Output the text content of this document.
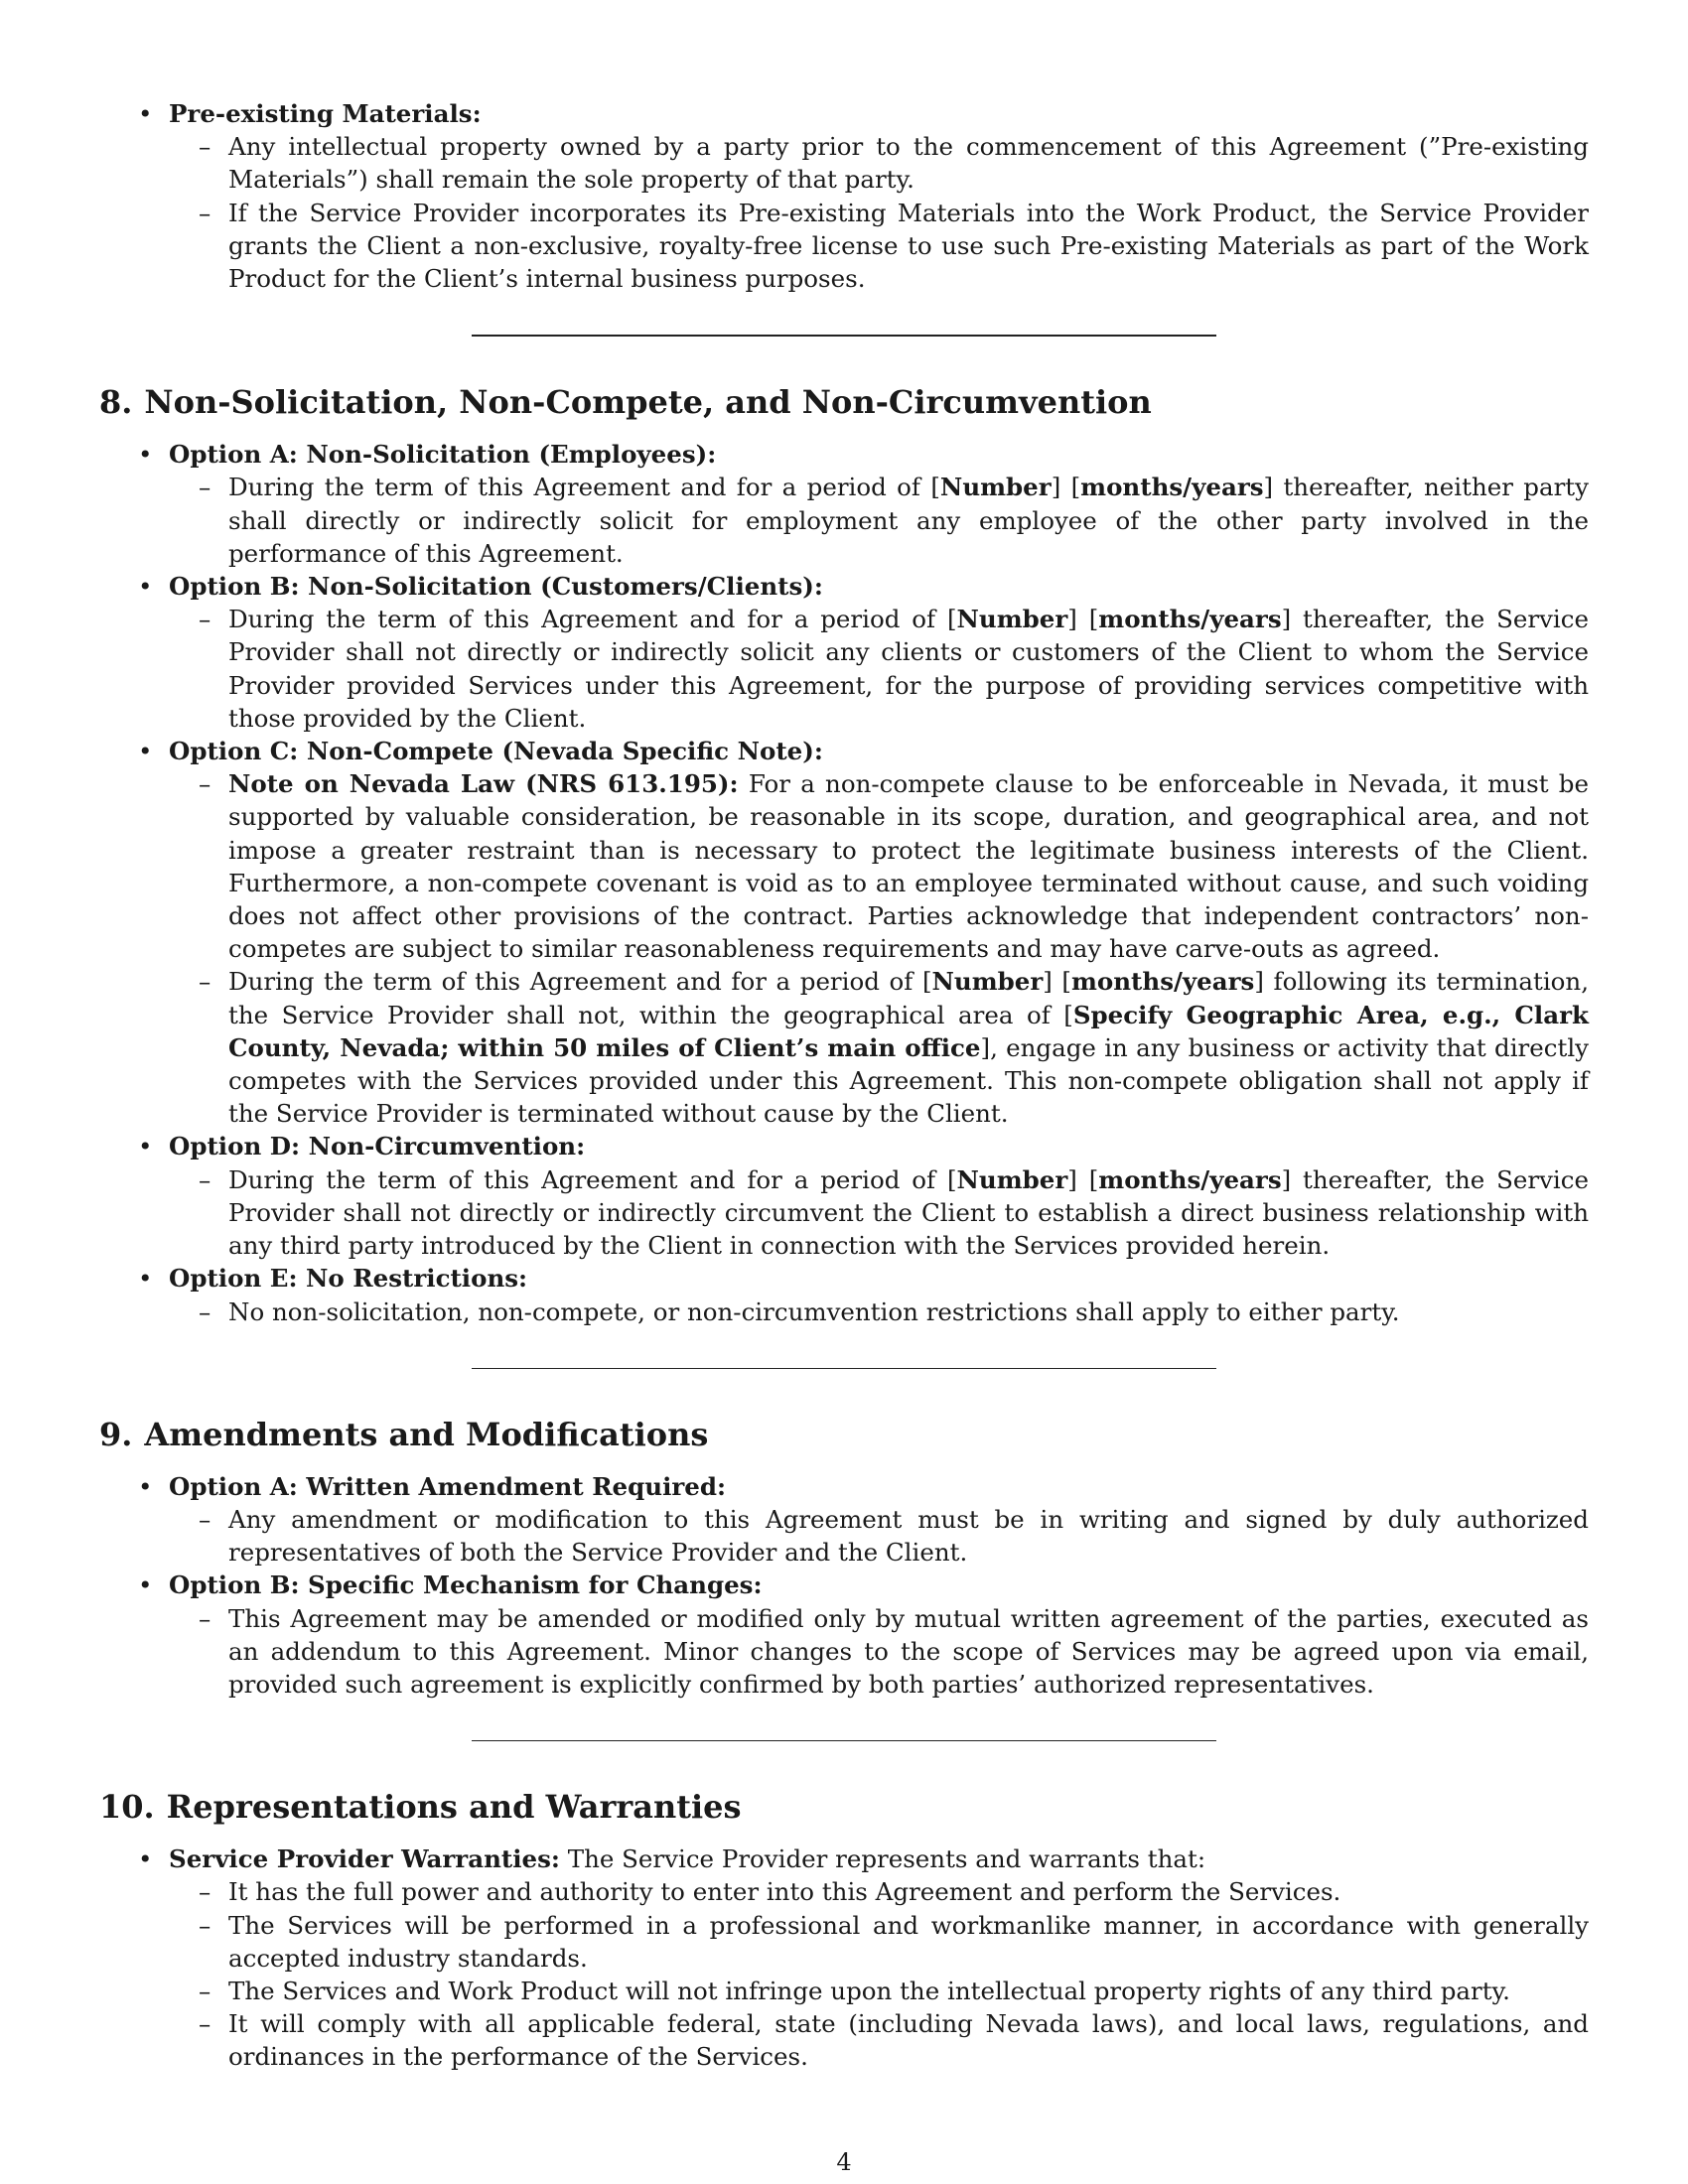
• Pre-existing Materials:
– Any intellectual property owned by a party prior to the commencement of this Agreement (”Pre-existing Materials”) shall remain the sole property of that party.
– If the Service Provider incorporates its Pre-existing Materials into the Work Product, the Service Provider grants the Client a non-exclusive, royalty-free license to use such Pre-existing Materials as part of the Work Product for the Client’s internal business purposes.
8. Non-Solicitation, Non-Compete, and Non-Circumvention
• Option A: Non-Solicitation (Employees):
– During the term of this Agreement and for a period of [Number] [months/years] thereafter, neither party shall directly or indirectly solicit for employment any employee of the other party involved in the performance of this Agreement.
• Option B: Non-Solicitation (Customers/Clients):
– During the term of this Agreement and for a period of [Number] [months/years] thereafter, the Service Provider shall not directly or indirectly solicit any clients or customers of the Client to whom the Service Provider provided Services under this Agreement, for the purpose of providing services competitive with those provided by the Client.
• Option C: Non-Compete (Nevada Specific Note):
– Note on Nevada Law (NRS 613.195): For a non-compete clause to be enforceable in Nevada, it must be supported by valuable consideration, be reasonable in its scope, duration, and geographical area, and not impose a greater restraint than is necessary to protect the legitimate business interests of the Client. Furthermore, a non-compete covenant is void as to an employee terminated without cause, and such voiding does not affect other provisions of the contract. Parties acknowledge that independent contractors’ non-competes are subject to similar reasonableness requirements and may have carve-outs as agreed.
– During the term of this Agreement and for a period of [Number] [months/years] following its termination, the Service Provider shall not, within the geographical area of [Specify Geographic Area, e.g., Clark County, Nevada; within 50 miles of Client’s main office], engage in any business or activity that directly competes with the Services provided under this Agreement. This non-compete obligation shall not apply if the Service Provider is terminated without cause by the Client.
• Option D: Non-Circumvention:
– During the term of this Agreement and for a period of [Number] [months/years] thereafter, the Service Provider shall not directly or indirectly circumvent the Client to establish a direct business relationship with any third party introduced by the Client in connection with the Services provided herein.
• Option E: No Restrictions:
– No non-solicitation, non-compete, or non-circumvention restrictions shall apply to either party.
9. Amendments and Modifications
• Option A: Written Amendment Required:
– Any amendment or modification to this Agreement must be in writing and signed by duly authorized representatives of both the Service Provider and the Client.
• Option B: Specific Mechanism for Changes:
– This Agreement may be amended or modified only by mutual written agreement of the parties, executed as an addendum to this Agreement. Minor changes to the scope of Services may be agreed upon via email, provided such agreement is explicitly confirmed by both parties’ authorized representatives.
10. Representations and Warranties
• Service Provider Warranties: The Service Provider represents and warrants that:
– It has the full power and authority to enter into this Agreement and perform the Services.
– The Services will be performed in a professional and workmanlike manner, in accordance with generally accepted industry standards.
– The Services and Work Product will not infringe upon the intellectual property rights of any third party.
– It will comply with all applicable federal, state (including Nevada laws), and local laws, regulations, and ordinances in the performance of the Services.
4
